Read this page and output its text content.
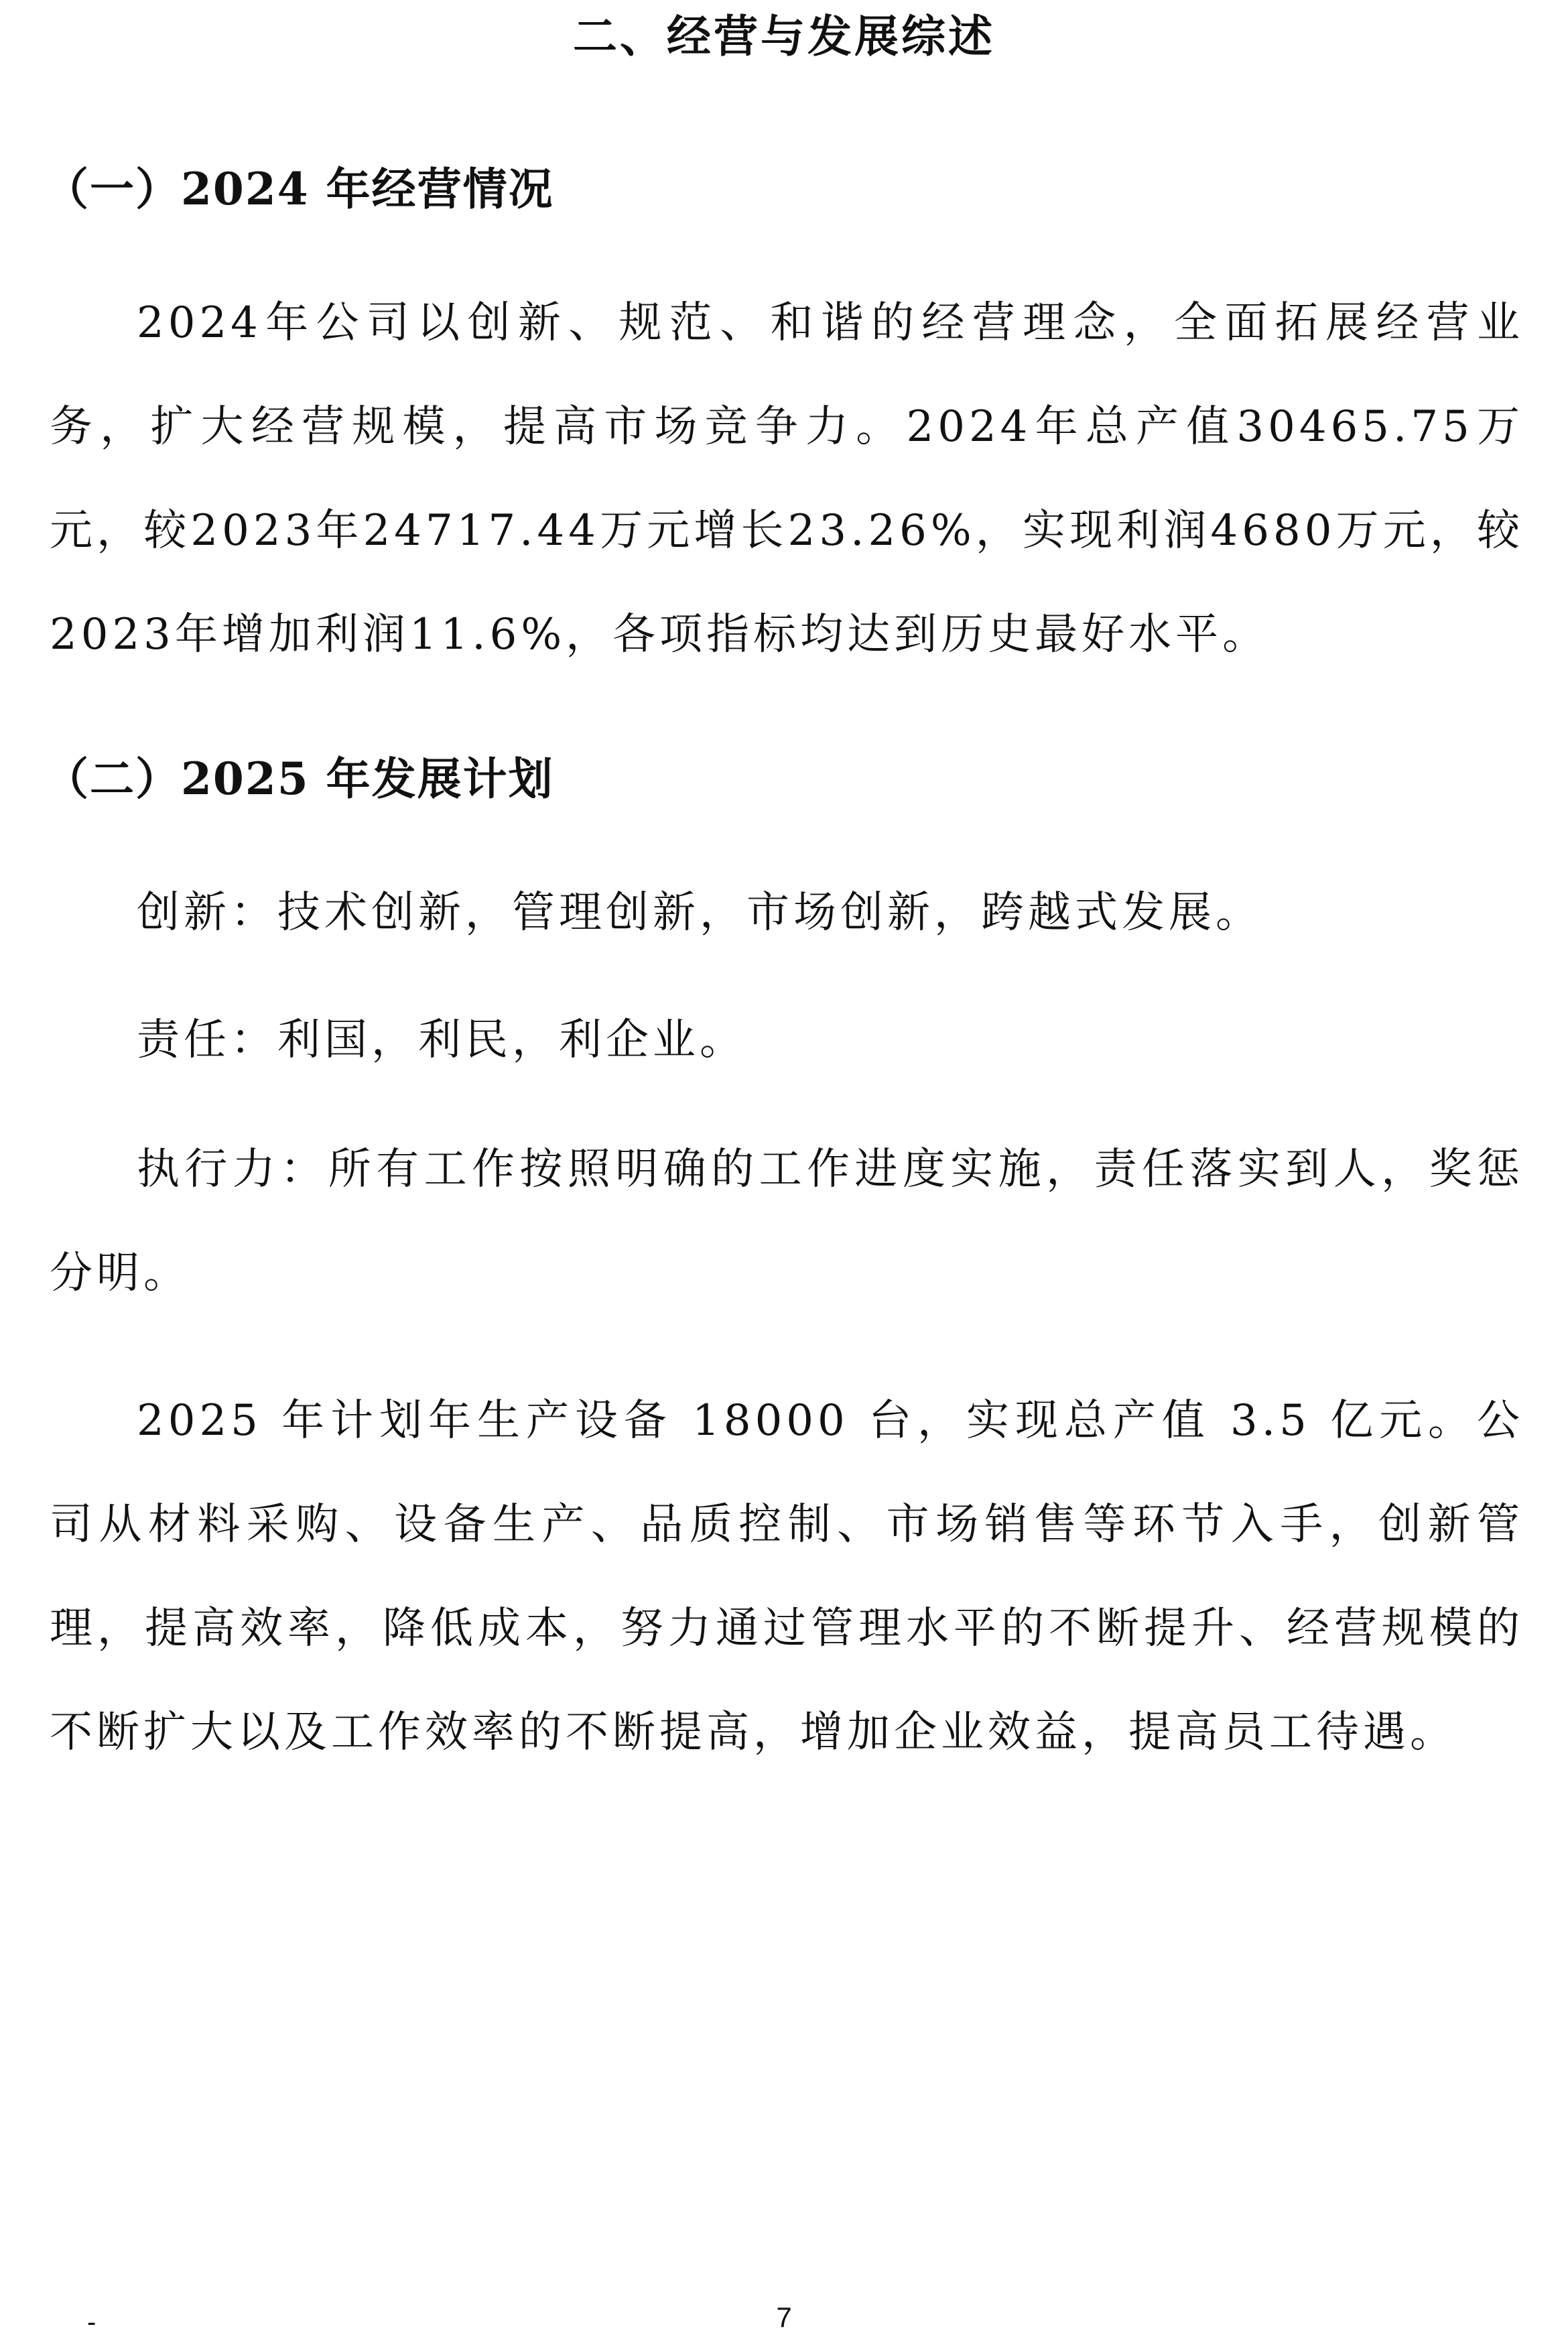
二、经营与发展综述
（一）2024 年经营情况

2024年公司以创新、规范、和谐的经营理念，全面拓展经营业务，扩大经营规模，提高市场竞争力。2024年总产值30465.75万元，较2023年24717.44万元增长23.26%，实现利润4680万元，较2023年增加利润11.6%，各项指标均达到历史最好水平。

（二）2025 年发展计划

创新：技术创新，管理创新，市场创新，跨越式发展。

责任：利国，利民，利企业。

执行力：所有工作按照明确的工作进度实施，责任落实到人，奖惩分明。

2025 年计划年生产设备 18000 台，实现总产值 3.5 亿元。公司从材料采购、设备生产、品质控制、市场销售等环节入手，创新管理，提高效率，降低成本，努力通过管理水平的不断提升、经营规模的不断扩大以及工作效率的不断提高，增加企业效益，提高员工待遇。

-	7
